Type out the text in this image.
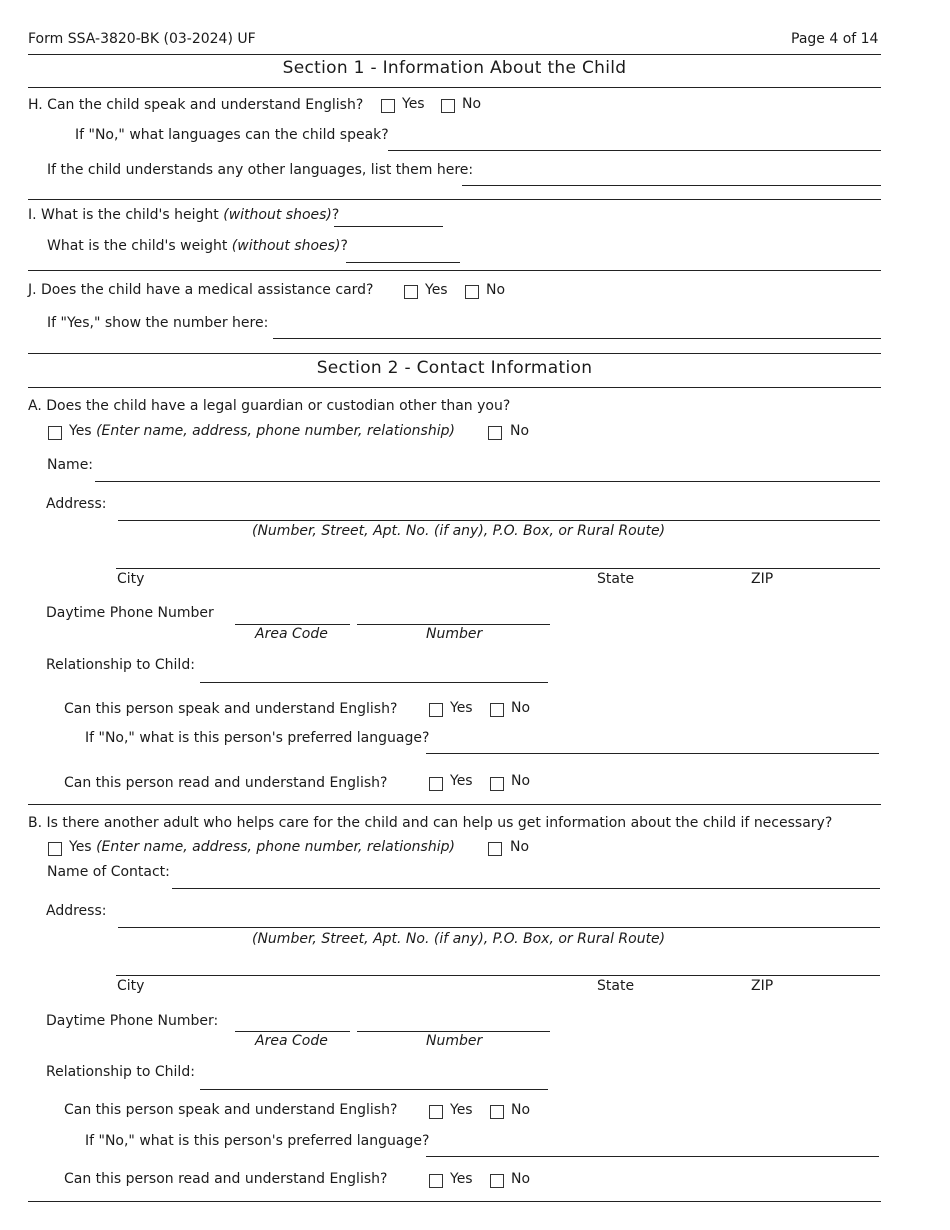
Form SSA-3820-BK (03-2024) UF	Page 4 of 14
Section 1 - Information About the Child
H. Can the child speak and understand English?	Yes	No
If "No," what languages can the child speak?
If the child understands any other languages, list them here:
I. What is the child's height (without shoes)?
What is the child's weight (without shoes)?
J. Does the child have a medical assistance card?	Yes	No
If "Yes," show the number here:
Section 2 - Contact Information
A. Does the child have a legal guardian or custodian other than you?
Yes (Enter name, address, phone number, relationship)	No
Name:
Address:
(Number, Street, Apt. No. (if any), P.O. Box, or Rural Route)
City	State	ZIP
Daytime Phone Number
Area Code	Number
Relationship to Child:
Can this person speak and understand English?	Yes	No
If "No," what is this person's preferred language?
Can this person read and understand English?	Yes	No
B. Is there another adult who helps care for the child and can help us get information about the child if necessary?
Yes (Enter name, address, phone number, relationship)	No
Name of Contact:
Address:
(Number, Street, Apt. No. (if any), P.O. Box, or Rural Route)
City	State	ZIP
Daytime Phone Number:
Area Code	Number
Relationship to Child:
Can this person speak and understand English?	Yes	No
If "No," what is this person's preferred language?
Can this person read and understand English?	Yes	No
